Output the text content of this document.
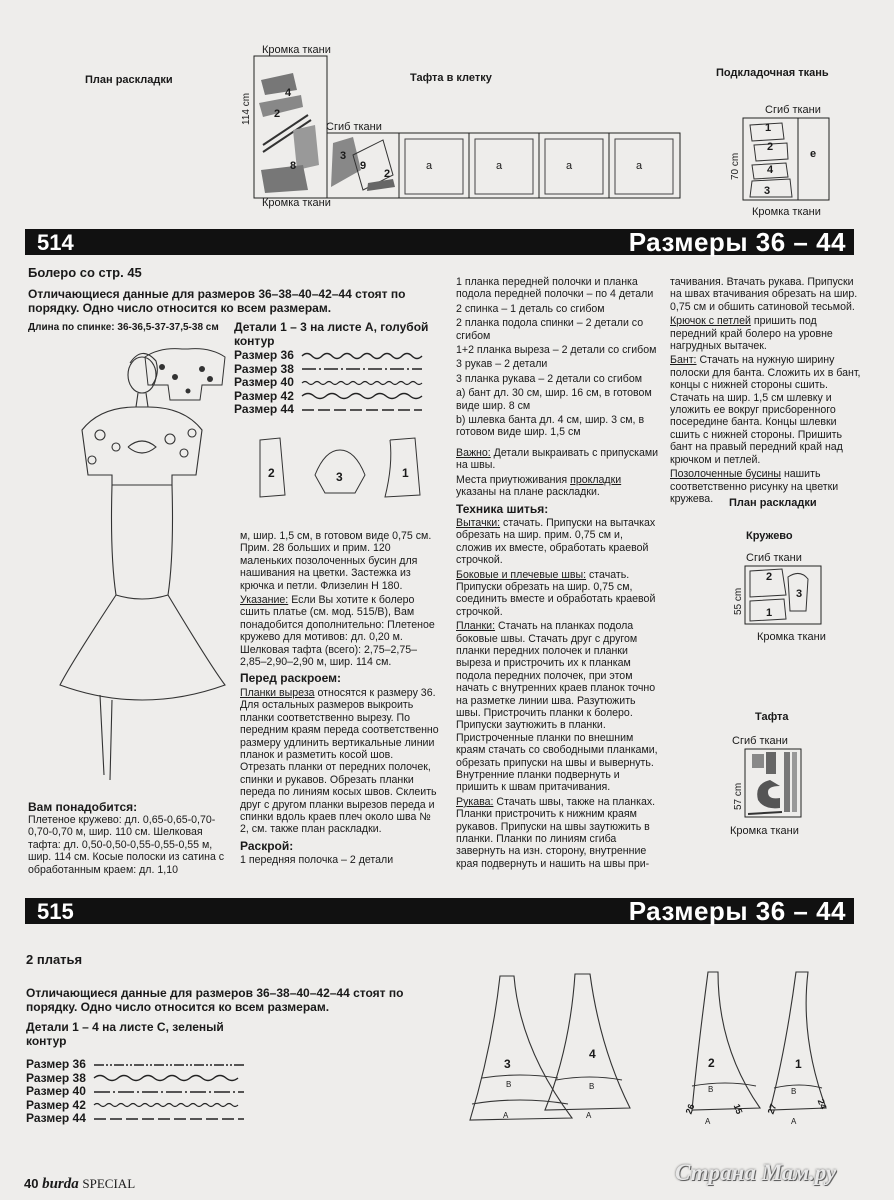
План раскладки
Кромка ткани
Тафта в клетку	Подкладочная ткань
Сгиб ткани
Кромка ткани
114 cm	4
2
8
3
9
2
a	a	a	a
Сгиб ткани
70 cm
1
2
4
3
e
Кромка ткани
514	Размеры 36 – 44
Болеро со стр. 45
Отличающиеся данные для размеров 36–38–40–42–44 стоят по порядку. Одно число относится ко всем размерам.
Длина по спинке: 36-36,5-37-37,5-38 см
Вам понадобится:
Плетеное кружево: дл. 0,65-0,65-0,70-0,70-0,70 м, шир. 110 см. Шелковая тафта: дл. 0,50-0,50-0,55-0,55-0,55 м, шир. 114 см. Косые полоски из сатина с обработанным краем: дл. 1,10
Детали 1 – 3 на листе А, голубой контур
Размер 36
Размер 38
Размер 40
Размер 42
Размер 44
2	3	1

м, шир. 1,5 см, в готовом виде 0,75 см. Прим. 28 больших и прим. 120 маленьких позолоченных бусин для нашивания на цветки. Застежка из крючка и петли. Флизелин Н 180.

Указание: Если Вы хотите к болеро сшить платье (см. мод. 515/B), Вам понадобится дополнительно: Плетеное кружево для мотивов: дл. 0,20 м. Шелковая тафта (всего): 2,75–2,75–2,85–2,90–2,90 м, шир. 114 см.

Перед раскроем:

Планки выреза относятся к размеру 36. Для остальных размеров выкроить планки соответственно вырезу. По передним краям переда соответственно размеру удлинить вертикальные линии планок и разметить косой шов. Отрезать планки от передних полочек, спинки и рукавов. Обрезать планки переда по линиям косых швов. Склеить друг с другом планки вырезов переда и спинки вдоль краев плеч около шва № 2, см. также план раскладки.

Раскрой:

1 передняя полочка – 2 детали

1 планка передней полочки и планка подола передней полочки – по 4 детали

2 спинка – 1 деталь со сгибом

2 планка подола спинки – 2 детали со сгибом

1+2 планка выреза – 2 детали со сгибом

3 рукав – 2 детали

3 планка рукава – 2 детали со сгибом

a) бант дл. 30 см, шир. 16 см, в готовом виде шир. 8 см

b) шлевка банта дл. 4 см, шир. 3 см, в готовом виде шир. 1,5 см

Важно: Детали выкраивать с припусками на швы.

Места приутюживания прокладки указаны на плане раскладки.

Техника шитья:

Вытачки: стачать. Припуски на вытачках обрезать на шир. прим. 0,75 см и, сложив их вместе, обработать краевой строчкой.

Боковые и плечевые швы: стачать. Припуски обрезать на шир. 0,75 см, соединить вместе и обработать краевой строчкой.

Планки: Стачать на планках подола боковые швы. Стачать друг с другом планки передних полочек и планки выреза и пристрочить их к планкам подола передних полочек, при этом начать с внутренних краев планок точно на разметке линии шва. Разутюжить швы. Пристрочить планки к болеро. Припуски заутюжить в планки. Пристроченные планки по внешним краям стачать со свободными планками, обрезать припуски на швы и вывернуть. Внутренние планки подвернуть и пришить к швам притачивания.

Рукава: Стачать швы, также на планках. Планки пристрочить к нижним краям рукавов. Припуски на швы заутюжить в планки. Планки по линиям сгиба завернуть на изн. сторону, внутренние края подвернуть и нашить на швы при-

тачивания. Втачать рукава. Припуски на швах втачивания обрезать на шир. 0,75 см и обшить сатиновой тесьмой.

Крючок с петлей пришить под передний край болеро на уровне нагрудных вытачек.

Бант: Стачать на нужную ширину полоски для банта. Сложить их в бант, концы с нижней стороны сшить. Стачать на шир. 1,5 см шлевку и уложить ее вокруг присборенного посередине банта. Концы шлевки сшить с нижней стороны. Пришить бант на правый передний край над крючком и петлей.

Позолоченные бусины нашить соответственно рисунку на цветки кружева.	План раскладки
Кружево
Сгиб ткани
55 cm
2
3
1
Кромка ткани
Тафта
Сгиб ткани
57 cm
Кромка ткани
515	Размеры 36 – 44
2 платья
Отличающиеся данные для размеров 36–38–40–42–44 стоят по порядку. Одно число относится ко всем размерам.
Детали 1 – 4 на листе С, зеленый контур
Размер 36
Размер 38
Размер 40
Размер 42
Размер 44
3
4
2	1
B
A
B
A
B
A
B
A
26	15 27	24
40 burda SPECIAL	Страна Мам.ру
